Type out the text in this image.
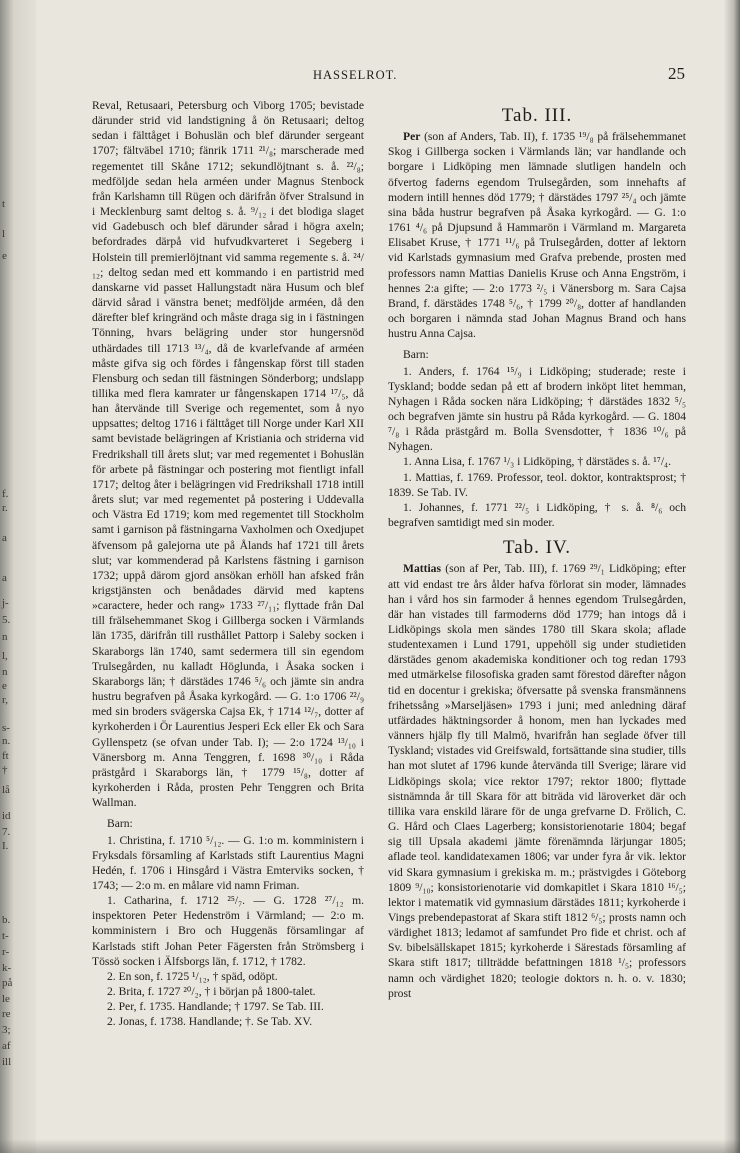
t
l
e
f.
r.
a
a
j-
5.
n
l,
n
e
r,
s-
n.
ft
†
lå
id
7.
I.
b.
t-
r-
k-
på
le
re
3;
af
ill
HASSELROT.	25

Reval, Retusaari, Petersburg och Viborg 1705; bevistade därunder strid vid landstigning å ön Retusaari; deltog sedan i fälttåget i Bohuslän och blef därunder sergeant 1707; fältväbel 1710; fänrik 1711 ²¹/₈; marscherade med regementet till Skåne 1712; sekundlöjtnant s. å. ²²/₈; medföljde sedan hela arméen under Magnus Stenbock från Karlshamn till Rügen och därifrån öfver Stralsund in i Mecklenburg samt deltog s. å. ⁹/₁₂ i det blodiga slaget vid Gadebusch och blef därunder sårad i högra axeln; befordrades därpå vid hufvudkvarteret i Segeberg i Holstein till premierlöjtnant vid samma regemente s. å. ²⁴/₁₂; deltog sedan med ett kommando i en partistrid med danskarne vid passet Hallungstadt nära Husum och blef därvid sårad i vänstra benet; medföljde arméen, då den därefter blef kringränd och måste draga sig in i fästningen Tönning, hvars belägring under stor hungersnöd uthärdades till 1713 ¹³/₄, då de kvarlefvande af arméen måste gifva sig och fördes i fångenskap först till staden Flensburg och sedan till fästningen Sönderborg; undslapp tillika med flera kamrater ur fångenskapen 1714 ¹⁷/₅, då han återvände till Sverige och regementet, som å nyo uppsattes; deltog 1716 i fälttåget till Norge under Karl XII samt bevistade belägringen af Kristiania och striderna vid Fredrikshall till årets slut; var med regementet i Bohuslän för arbete på fästningar och postering mot fientligt infall 1717; deltog åter i belägringen vid Fredrikshall 1718 intill årets slut; var med regementet på postering i Uddevalla och Västra Ed 1719; kom med regementet till Stockholm samt i garnison på fästningarna Vaxholmen och Oxedjupet äfvensom på galejorna ute på Ålands haf 1721 till årets slut; var kommenderad på Karlstens fästning i garnison 1732; uppå därom gjord ansökan erhöll han afsked från krigstjänsten och benådades därvid med kaptens »caractere, heder och rang» 1733 ²⁷/₁₁; flyttade från Dal till frälsehemmanet Skog i Gillberga socken i Värmlands län 1735, därifrån till rusthållet Pattorp i Saleby socken i Skaraborgs län 1740, samt sedermera till sin egendom Trulsegården, nu kalladt Höglunda, i Åsaka socken i Skaraborgs län; † därstädes 1746 ⁵/₆ och jämte sin andra hustru begrafven på Åsaka kyrkogård. — G. 1:o 1706 ²²/₉ med sin broders svägerska Cajsa Ek, † 1714 ¹²/₇, dotter af kyrkoherden i Ör Laurentius Jesperi Eck eller Ek och Sara Gyllenspetz (se ofvan under Tab. I); — 2:o 1724 ¹³/₁₀ i Vänersborg m. Anna Tenggren, f. 1698 ³⁰/₁₀ i Råda prästgård i Skaraborgs län, † 1779 ¹⁵/₈, dotter af kyrkoherden i Råda, prosten Pehr Tenggren och Brita Wallman.

Barn:

1. Christina, f. 1710 ⁵/₁₂. — G. 1:o m. komministern i Fryksdals församling af Karlstads stift Laurentius Magni Hedén, f. 1706 i Hinsgård i Västra Emterviks socken, † 1743; — 2:o m. en målare vid namn Friman.

1. Catharina, f. 1712 ²⁵/₇. — G. 1728 ²⁷/₁₂ m. inspektoren Peter Hedenström i Värmland; — 2:o m. komministern i Bro och Huggenäs församlingar af Karlstads stift Johan Peter Fägersten från Strömsberg i Tössö socken i Älfsborgs län, f. 1712, † 1782.

2. En son, f. 1725 ¹/₁₂, † späd, odöpt.

2. Brita, f. 1727 ²⁰/₂, † i början på 1800-talet.

2. Per, f. 1735. Handlande; † 1797. Se Tab. III.

2. Jonas, f. 1738. Handlande; †. Se Tab. XV.

Tab. III.

Per (son af Anders, Tab. II), f. 1735 ¹⁹/₈ på frälsehemmanet Skog i Gillberga socken i Värmlands län; var handlande och borgare i Lidköping men lämnade slutligen handeln och öfvertog faderns egendom Trulsegården, som innehafts af modern intill hennes död 1779; † därstädes 1797 ²⁵/₄ och jämte sina båda hustrur begrafven på Åsaka kyrkogård. — G. 1:o 1761 ⁴/₆ på Djupsund å Hammarön i Värmland m. Margareta Elisabet Kruse, † 1771 ¹¹/₆ på Trulsegården, dotter af lektorn vid Karlstads gymnasium med Grafva prebende, prosten med professors namn Mattias Danielis Kruse och Anna Engström, i hennes 2:a gifte; — 2:o 1773 ²/₅ i Vänersborg m. Sara Cajsa Brand, f. därstädes 1748 ⁵/₆, † 1799 ²⁰/₈, dotter af handlanden och borgaren i nämnda stad Johan Magnus Brand och hans hustru Anna Cajsa.

Barn:

1. Anders, f. 1764 ¹⁵/₉ i Lidköping; studerade; reste i Tyskland; bodde sedan på ett af brodern inköpt litet hemman, Nyhagen i Råda socken nära Lidköping; † därstädes 1832 ⁵/₅ och begrafven jämte sin hustru på Råda kyrkogård. — G. 1804 ⁷/₈ i Råda prästgård m. Bolla Svensdotter, † 1836 ¹⁰/₆ på Nyhagen.

1. Anna Lisa, f. 1767 ¹/₃ i Lidköping, † därstädes s. å. ¹⁷/₄.

1. Mattias, f. 1769. Professor, teol. doktor, kontraktsprost; † 1839. Se Tab. IV.

1. Johannes, f. 1771 ²²/₅ i Lidköping, † s. å. ⁸/₆ och begrafven samtidigt med sin moder.

Tab. IV.

Mattias (son af Per, Tab. III), f. 1769 ²⁹/₁ Lidköping; efter att vid endast tre års ålder hafva förlorat sin moder, lämnades han i vård hos sin farmoder å hennes egendom Trulsegården, där han vistades till farmoderns död 1779; han intogs då i Lidköpings skola men sändes 1780 till Skara skola; aflade studentexamen i Lund 1791, uppehöll sig under studietiden därstädes genom akademiska konditioner och tog redan 1793 med utmärkelse filosofiska graden samt förestod därefter någon tid en docentur i grekiska; öfversatte på svenska fransmännens frihetssång »Marseljäsen» 1793 i juni; med anledning däraf utfärdades häktningsorder å honom, men han lyckades med vänners hjälp fly till Malmö, hvarifrån han seglade öfver till Tyskland; vistades vid Greifswald, fortsättande sina studier, tills han mot slutet af 1796 kunde återvända till Sverige; lärare vid Lidköpings skola; vice rektor 1797; rektor 1800; flyttade sistnämnda år till Skara för att biträda vid läroverket där och tillika vara enskild lärare för de unga grefvarne D. Frölich, C. G. Hård och Claes Lagerberg; konsistorienotarie 1804; begaf sig till Upsala akademi jämte förenämnda lärjungar 1805; aflade teol. kandidatexamen 1806; var under fyra år vik. lektor vid Skara gymnasium i grekiska m. m.; prästvigdes i Göteborg 1809 ⁹/₁₀; konsistorienotarie vid domkapitlet i Skara 1810 ¹⁶/₅; lektor i matematik vid gymnasium därstädes 1811; kyrkoherde i Vings prebendepastorat af Skara stift 1812 ⁶/₅; prosts namn och värdighet 1813; ledamot af samfundet Pro fide et christ. och af Sv. bibelsällskapet 1815; kyrkoherde i Särestads församling af Skara stift 1817; tillträdde befattningen 1818 ¹/₅; professors namn och värdighet 1820; teologie doktors n. h. o. v. 1830; prost
